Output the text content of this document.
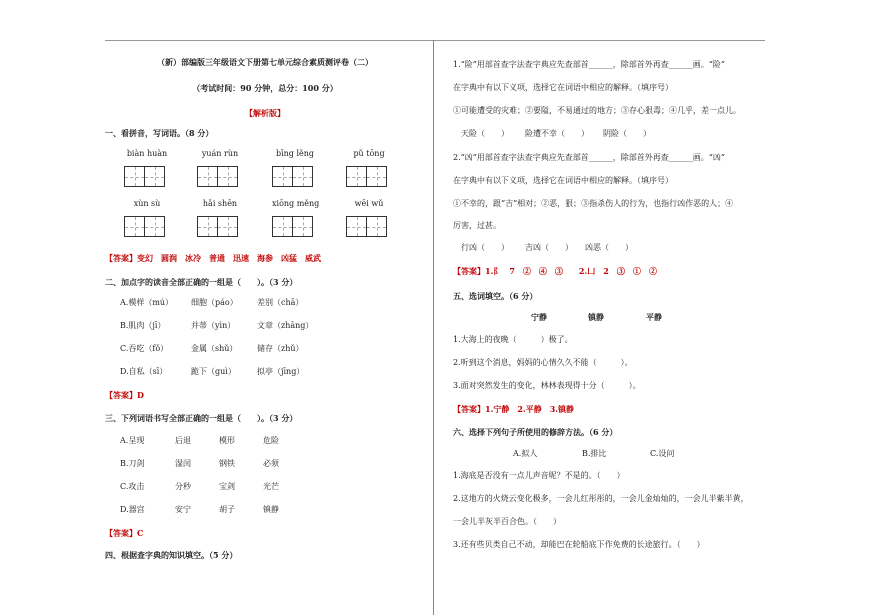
（新）部编版三年级语文下册第七单元综合素质测评卷（二）
（考试时间：90 分钟，总分：100 分）
【解析版】
一、看拼音，写词语。（8 分）
biàn huàn	yuán rùn	bīng lěng	pǔ tōng
xùn sù	hǎi shēn	xiōng měng	wēi wǔ
【答案】变幻　圆润　冰冷　普通　迅速　海参　凶猛　威武
二、加点字的读音全部正确的一组是（　　）。（3 分）
A.模样（mú） 细胞（páo） 差别（chā）
B.肌肉（jī）	并蒂（yìn）	文章（zhāng）
C.吞吃（fǒ）	金属（shǔ） 储存（zhǔ）
D.自私（sī）	跪下（guì）	拟亭（jīng）
【答案】D
三、下列词语书写全部正确的一组是（　　）。（3 分）
A.呈现	后退	模形	危险
B.刀剑	湿闰	钢铁	必须
C.攻击	分秒	宝剑	光芒
D.器宫	安宁	胡子	镇静
【答案】C
四、根据查字典的知识填空。（5 分）
1.“险”用部首查字法查字典应先查部首______，除部首外再查______画。“险”
在字典中有以下义项，选择它在词语中相应的解释。（填序号）
①可能遭受的灾难；②要隘，不易通过的地方；③存心狠毒；④几乎，差一点儿。
天险（　　） 险遭不幸（　　） 阴险（　　）
2.“凶”用部首查字法查字典应先查部首______，除部首外再查______画。“凶”
在字典中有以下义项，选择它在词语中相应的解释。（填序号）
①不幸的，跟“吉”相对；②恶，狠；③指杀伤人的行为，也指行凶作恶的人；④
厉害，过甚。
行凶（　　） 吉凶（　　） 凶恶（　　）
【答案】1.阝　7　②　④　③　　2.凵　2　③　①　②
五、选词填空。（6 分）
宁静	镇静	平静
1.大海上的夜晚（　　　）极了。
2.听到这个消息，妈妈的心情久久不能（　　　）。
3.面对突然发生的变化，林林表现得十分（　　　）。
【答案】1.宁静　2.平静　3.镇静
六、选择下列句子所使用的修辞方法。（6 分）
A.拟人	B.排比	C.设问
1.海底是否没有一点儿声音呢？不是的。（　　）
2.这地方的火烧云变化极多，一会儿红彤彤的，一会儿金灿灿的，一会儿半紫半黄，
一会儿半灰半百合色。（　　）
3.还有些贝类自己不动，却能巴在轮船底下作免费的长途旅行。（　　）
